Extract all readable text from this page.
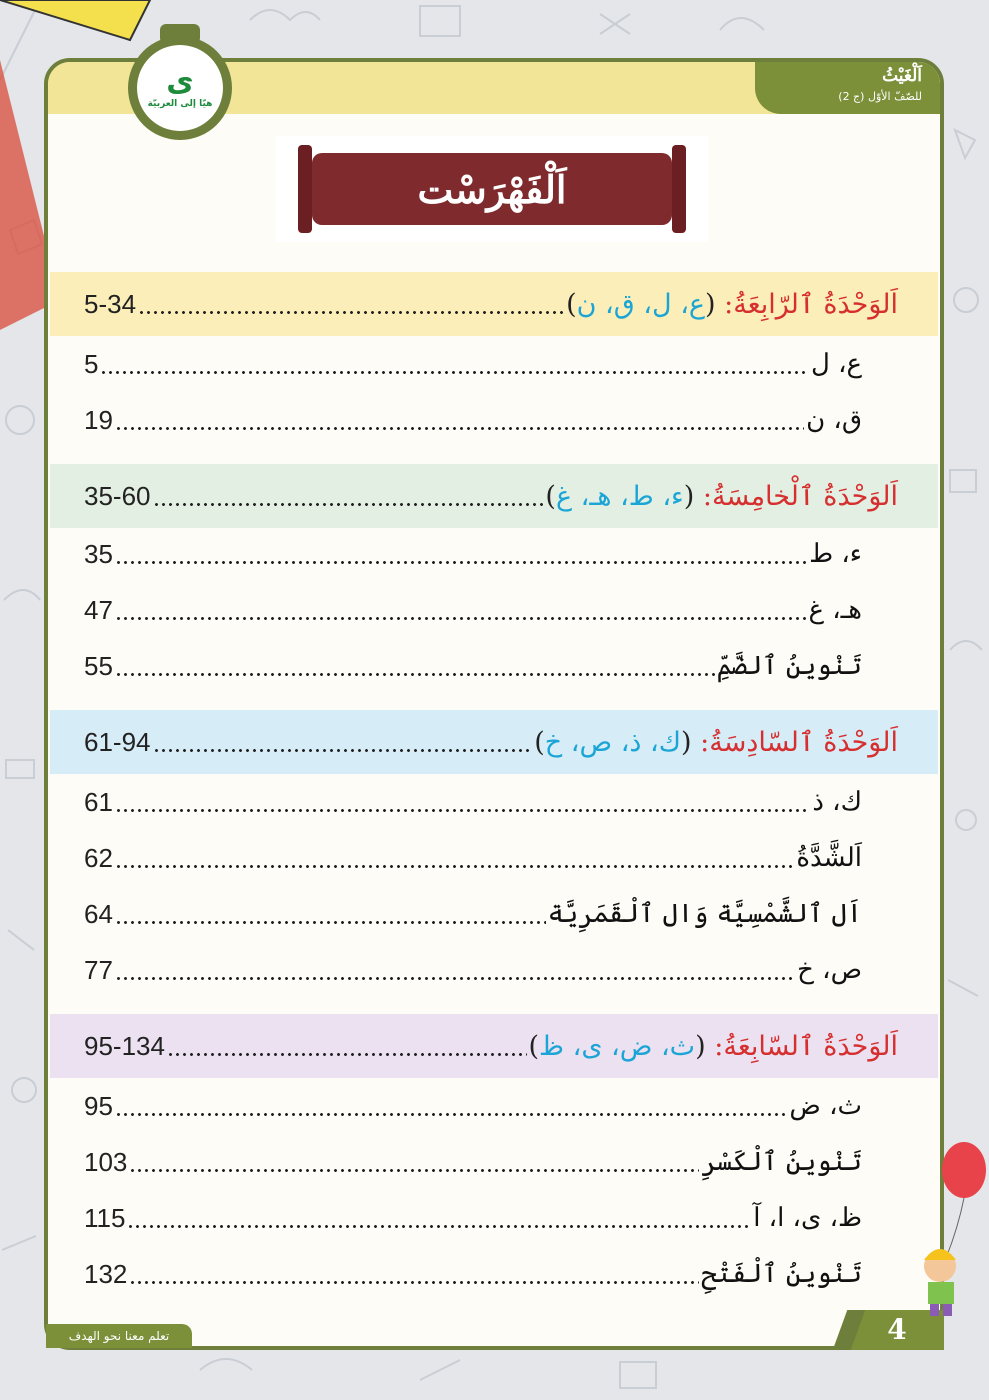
اَلْغَيْثُ
للصّفّ الأوّل (ج 2)
ى
هيّا إلى العربيّة
اَلْفَهْرَسْت
اَلوَحْدَةُ ٱلرّابِعَةُ: (ع، ل، ق، ن)
5-34
ع، ل
5
ق، ن
19
اَلوَحْدَةُ ٱلْخامِسَةُ: (ء، ط، هـ، غ)
35-60
ء، ط
35
هـ، غ
47
تَنْوينُ ٱلضَّمِّ
55
اَلوَحْدَةُ ٱلسّادِسَةُ: (ك، ذ، ص، خ)
61-94
ك، ذ
61
اَلشَّدَّةُ
62
اَل ٱلشَّمْسِيَّة وَال ٱلْقَمَرِيَّة
64
ص، خ
77
اَلوَحْدَةُ ٱلسّابِعَةُ: (ث، ض، ى، ظ)
95-134
ث، ض
95
تَنْوينُ ٱلْكَسْرِ
103
ظ، ى، ا، آ
115
تَنْوينُ ٱلْفَتْحِ
132
تعلم معنا نحو الهدف	4
